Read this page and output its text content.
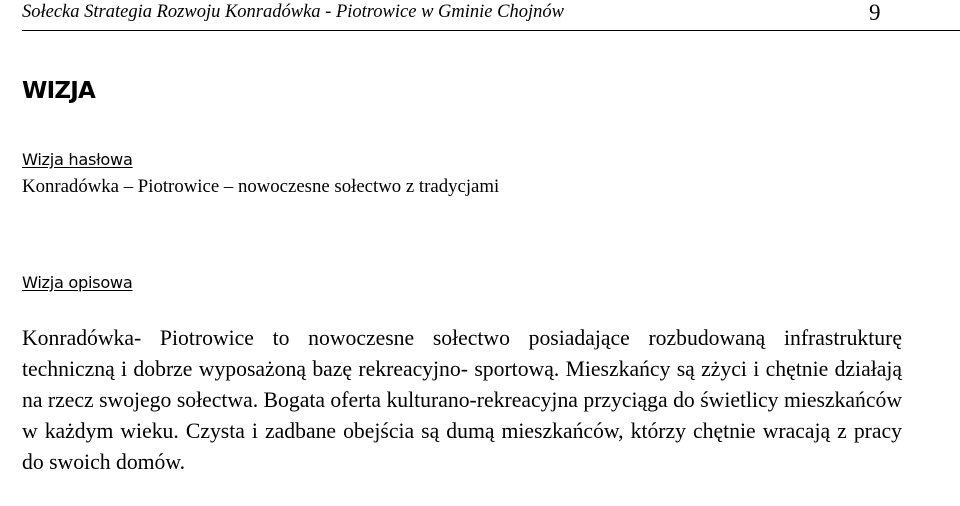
Sołecka Strategia Rozwoju Konradówka - Piotrowice w Gminie Chojnów	9
WIZJA
Wizja hasłowa
Konradówka – Piotrowice – nowoczesne sołectwo z tradycjami
Wizja opisowa
Konradówka- Piotrowice to nowoczesne sołectwo posiadające rozbudowaną infrastrukturę techniczną i dobrze wyposażoną bazę rekreacyjno- sportową. Mieszkańcy są zżyci i chętnie działają na rzecz swojego sołectwa. Bogata oferta kulturano-rekreacyjna przyciąga do świetlicy mieszkańców w każdym wieku. Czysta i zadbane obejścia są dumą mieszkańców, którzy chętnie wracają z pracy do swoich domów.
